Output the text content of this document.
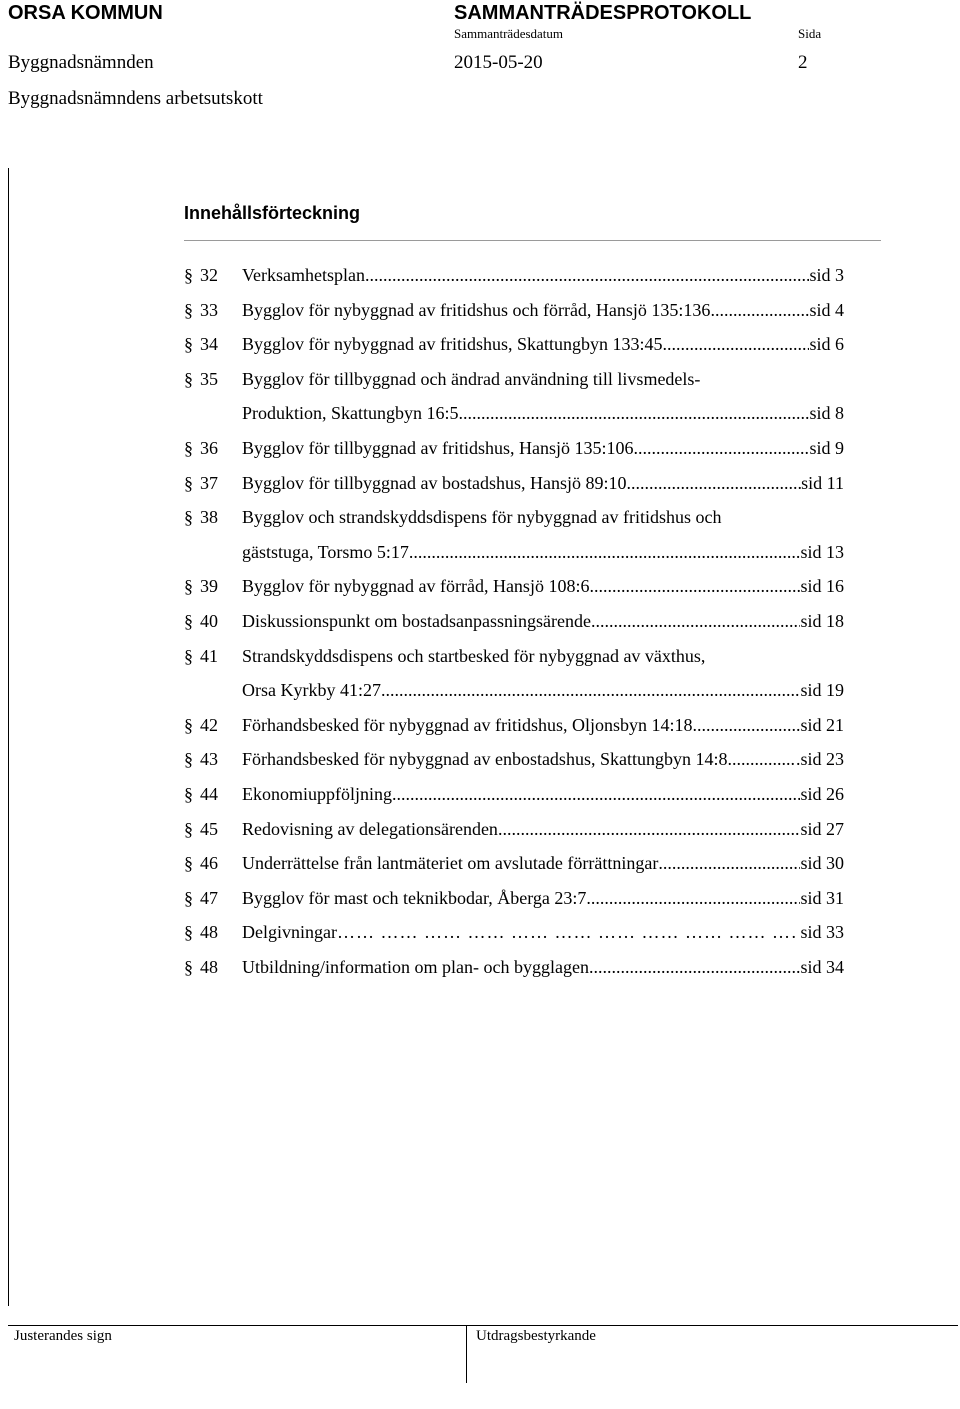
ORSA KOMMUN	SAMMANTRÄDESPROTOKOLL
Sammanträdesdatum	Sida
Byggnadsnämnden	2015-05-20	2
Byggnadsnämndens arbetsutskott
Innehållsförteckning
§ 32	Verksamhetsplan .....	sid 3
§ 33	Bygglov för nybyggnad av fritidshus och förråd, Hansjö 135:136 .....	sid 4
§ 34	Bygglov för nybyggnad av fritidshus, Skattungbyn 133:45 .....	sid 6
§ 35	Bygglov för tillbyggnad och ändrad användning till livsmedels-
Produktion, Skattungbyn 16:5 .....	sid 8
§ 36	Bygglov för tillbyggnad av fritidshus, Hansjö 135:106 .....	sid 9
§ 37	Bygglov för tillbyggnad av bostadshus, Hansjö 89:10 .....	sid 11
§ 38	Bygglov och strandskyddsdispens för nybyggnad av fritidshus och
gäststuga, Torsmo 5:17 .....	sid 13
§ 39	Bygglov för nybyggnad av förråd, Hansjö 108:6 .....	sid 16
§ 40	Diskussionspunkt om bostadsanpassningsärende .....	sid 18
§ 41	Strandskyddsdispens och startbesked för nybyggnad av växthus,
Orsa Kyrkby 41:27 .....	sid 19
§ 42	Förhandsbesked för nybyggnad av fritidshus, Oljonsbyn 14:18 .....	sid 21
§ 43	Förhandsbesked för nybyggnad av enbostadshus, Skattungbyn 14:8 .....	.sid 23
§ 44	Ekonomiuppföljning .....	sid 26
§ 45	Redovisning av delegationsärenden .....	sid 27
§ 46	Underrättelse från lantmäteriet om avslutade förrättningar .....	sid 30
§ 47	Bygglov för mast och teknikbodar, Åberga 23:7 .....	sid 31
§ 48	Delgivningar …… …… …… …… …… …… …… …… …… …… …… …… …… …… …… …… …… ……	. sid 33
§ 48	Utbildning/information om plan- och bygglagen .....	sid 34
Justerandes sign	Utdragsbestyrkande
